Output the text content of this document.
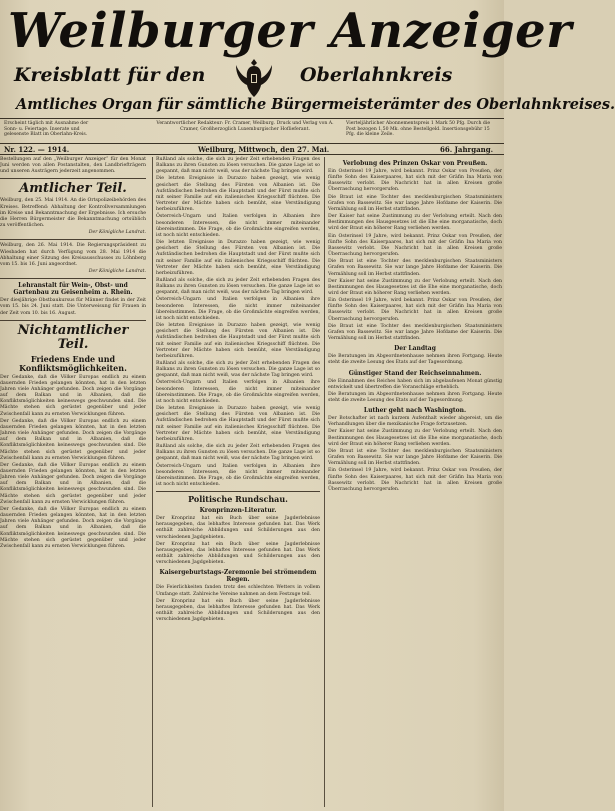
Weilburger Anzeiger
Kreisblatt für den	Oberlahnkreis
Amtliches Organ für sämtliche Bürgermeisterämter des Oberlahnkreises.
Erscheint täglich mit Ausnahme der Sonn- u. Feiertage. Inserate und gelesenste Blatt im Oberlahn-Kreis.
Verantwortlicher Redakteur: Fr. Cramer, Weilburg. Druck und Verlag von A. Cramer, Großherzoglich Luxemburgischer Hoflieferant.
Vierteljährlicher Abonnementspreis 1 Mark 50 Pfg. Durch die Post bezogen 1,50 Mk. ohne Bestellgeld. Insertionsgebühr 15 Pfg. die kleine Zeile.
Nr. 122. — 1914.	Weilburg, Mittwoch, den 27. Mai.	66. Jahrgang.

Bestellungen auf den „Weilburger Anzeiger“ für den Monat Juni werden von allen Postanstalten, den Landbriefträgern und unseren Austrägern jederzeit angenommen.

Amtlicher Teil.

Weilburg, den 25. Mai 1914. An die Ortspolizeibehörden des Kreises. Betreffend: Abhaltung der Kontrollversammlungen im Kreise und Bekanntmachung der Ergebnisse. Ich ersuche die Herren Bürgermeister die Bekanntmachung ortsüblich zu veröffentlichen.

Der Königliche Landrat.

Weilburg, den 26. Mai 1914. Die Regierungspräsident zu Wiesbaden hat durch Verfügung vom 28. Mai 1914 die Abhaltung einer Sitzung des Kreisausschusses zu Löhnberg vom 15. bis 16. Juni angeordnet.

Der Königliche Landrat.

Lehranstalt für Wein-, Obst- und Gartenbau zu Geisenheim a. Rhein.

Der diesjährige Obstbaukursus für Männer findet in der Zeit vom 15. bis 24. Juni statt. Die Unterweisung für Frauen in der Zeit vom 10. bis 16. August.

Nichtamtlicher Teil.
Friedens Ende und Konfliktsmöglichkeiten.

Der Gedanke, daß die Völker Europas endlich zu einem dauernden Frieden gelangen könnten, hat in den letzten Jahren viele Anhänger gefunden. Doch zeigen die Vorgänge auf dem Balkan und in Albanien, daß die Konfliktsmöglichkeiten keineswegs geschwunden sind. Die Mächte stehen sich gerüstet gegenüber und jeder Zwischenfall kann zu ernsten Verwicklungen führen.

Der Gedanke, daß die Völker Europas endlich zu einem dauernden Frieden gelangen könnten, hat in den letzten Jahren viele Anhänger gefunden. Doch zeigen die Vorgänge auf dem Balkan und in Albanien, daß die Konfliktsmöglichkeiten keineswegs geschwunden sind. Die Mächte stehen sich gerüstet gegenüber und jeder Zwischenfall kann zu ernsten Verwicklungen führen.

Der Gedanke, daß die Völker Europas endlich zu einem dauernden Frieden gelangen könnten, hat in den letzten Jahren viele Anhänger gefunden. Doch zeigen die Vorgänge auf dem Balkan und in Albanien, daß die Konfliktsmöglichkeiten keineswegs geschwunden sind. Die Mächte stehen sich gerüstet gegenüber und jeder Zwischenfall kann zu ernsten Verwicklungen führen.

Der Gedanke, daß die Völker Europas endlich zu einem dauernden Frieden gelangen könnten, hat in den letzten Jahren viele Anhänger gefunden. Doch zeigen die Vorgänge auf dem Balkan und in Albanien, daß die Konfliktsmöglichkeiten keineswegs geschwunden sind. Die Mächte stehen sich gerüstet gegenüber und jeder Zwischenfall kann zu ernsten Verwicklungen führen.

Rußland als solche, die sich zu jeder Zeit erhebenden Fragen des Balkans zu ihren Gunsten zu lösen versuchen. Die ganze Lage ist so gespannt, daß man nicht weiß, was der nächste Tag bringen wird.

Die letzten Ereignisse in Durazzo haben gezeigt, wie wenig gesichert die Stellung des Fürsten von Albanien ist. Die Aufständischen bedrohen die Hauptstadt und der Fürst mußte sich mit seiner Familie auf ein italienisches Kriegsschiff flüchten. Die Vertreter der Mächte haben sich bemüht, eine Verständigung herbeizuführen.

Österreich-Ungarn und Italien verfolgen in Albanien ihre besonderen Interessen, die nicht immer miteinander übereinstimmen. Die Frage, ob die Großmächte eingreifen werden, ist noch nicht entschieden.

Die letzten Ereignisse in Durazzo haben gezeigt, wie wenig gesichert die Stellung des Fürsten von Albanien ist. Die Aufständischen bedrohen die Hauptstadt und der Fürst mußte sich mit seiner Familie auf ein italienisches Kriegsschiff flüchten. Die Vertreter der Mächte haben sich bemüht, eine Verständigung herbeizuführen.

Rußland als solche, die sich zu jeder Zeit erhebenden Fragen des Balkans zu ihren Gunsten zu lösen versuchen. Die ganze Lage ist so gespannt, daß man nicht weiß, was der nächste Tag bringen wird.

Österreich-Ungarn und Italien verfolgen in Albanien ihre besonderen Interessen, die nicht immer miteinander übereinstimmen. Die Frage, ob die Großmächte eingreifen werden, ist noch nicht entschieden.

Die letzten Ereignisse in Durazzo haben gezeigt, wie wenig gesichert die Stellung des Fürsten von Albanien ist. Die Aufständischen bedrohen die Hauptstadt und der Fürst mußte sich mit seiner Familie auf ein italienisches Kriegsschiff flüchten. Die Vertreter der Mächte haben sich bemüht, eine Verständigung herbeizuführen.

Rußland als solche, die sich zu jeder Zeit erhebenden Fragen des Balkans zu ihren Gunsten zu lösen versuchen. Die ganze Lage ist so gespannt, daß man nicht weiß, was der nächste Tag bringen wird.

Österreich-Ungarn und Italien verfolgen in Albanien ihre besonderen Interessen, die nicht immer miteinander übereinstimmen. Die Frage, ob die Großmächte eingreifen werden, ist noch nicht entschieden.

Die letzten Ereignisse in Durazzo haben gezeigt, wie wenig gesichert die Stellung des Fürsten von Albanien ist. Die Aufständischen bedrohen die Hauptstadt und der Fürst mußte sich mit seiner Familie auf ein italienisches Kriegsschiff flüchten. Die Vertreter der Mächte haben sich bemüht, eine Verständigung herbeizuführen.

Rußland als solche, die sich zu jeder Zeit erhebenden Fragen des Balkans zu ihren Gunsten zu lösen versuchen. Die ganze Lage ist so gespannt, daß man nicht weiß, was der nächste Tag bringen wird.

Österreich-Ungarn und Italien verfolgen in Albanien ihre besonderen Interessen, die nicht immer miteinander übereinstimmen. Die Frage, ob die Großmächte eingreifen werden, ist noch nicht entschieden.

Politische Rundschau.
Kronprinzen-Literatur.

Der Kronprinz hat ein Buch über seine Jagderlebnisse herausgegeben, das lebhaftes Interesse gefunden hat. Das Werk enthält zahlreiche Abbildungen und Schilderungen aus den verschiedenen Jagdgebieten.

Der Kronprinz hat ein Buch über seine Jagderlebnisse herausgegeben, das lebhaftes Interesse gefunden hat. Das Werk enthält zahlreiche Abbildungen und Schilderungen aus den verschiedenen Jagdgebieten.

Kaisergeburtstags-Zeremonie bei strömendem Regen.

Die Feierlichkeiten fanden trotz des schlechten Wetters in vollem Umfange statt. Zahlreiche Vereine nahmen an dem Festzuge teil.

Der Kronprinz hat ein Buch über seine Jagderlebnisse herausgegeben, das lebhaftes Interesse gefunden hat. Das Werk enthält zahlreiche Abbildungen und Schilderungen aus den verschiedenen Jagdgebieten.

Verlobung des Prinzen Oskar von Preußen.

Ein Osterinsel 19 Jahre, wird bekannt. Prinz Oskar von Preußen, der fünfte Sohn des Kaiserpaares, hat sich mit der Gräfin Ina Maria von Bassewitz verlobt. Die Nachricht hat in allen Kreisen große Überraschung hervorgerufen.

Die Braut ist eine Tochter des mecklenburgischen Staatsministers Grafen von Bassewitz. Sie war lange Jahre Hofdame der Kaiserin. Die Vermählung soll im Herbst stattfinden.

Der Kaiser hat seine Zustimmung zu der Verlobung erteilt. Nach den Bestimmungen des Hausgesetzes ist die Ehe eine morganatische, doch wird der Braut ein höherer Rang verliehen werden.

Ein Osterinsel 19 Jahre, wird bekannt. Prinz Oskar von Preußen, der fünfte Sohn des Kaiserpaares, hat sich mit der Gräfin Ina Maria von Bassewitz verlobt. Die Nachricht hat in allen Kreisen große Überraschung hervorgerufen.

Die Braut ist eine Tochter des mecklenburgischen Staatsministers Grafen von Bassewitz. Sie war lange Jahre Hofdame der Kaiserin. Die Vermählung soll im Herbst stattfinden.

Der Kaiser hat seine Zustimmung zu der Verlobung erteilt. Nach den Bestimmungen des Hausgesetzes ist die Ehe eine morganatische, doch wird der Braut ein höherer Rang verliehen werden.

Ein Osterinsel 19 Jahre, wird bekannt. Prinz Oskar von Preußen, der fünfte Sohn des Kaiserpaares, hat sich mit der Gräfin Ina Maria von Bassewitz verlobt. Die Nachricht hat in allen Kreisen große Überraschung hervorgerufen.

Die Braut ist eine Tochter des mecklenburgischen Staatsministers Grafen von Bassewitz. Sie war lange Jahre Hofdame der Kaiserin. Die Vermählung soll im Herbst stattfinden.

Der Landtag

Die Beratungen im Abgeordnetenhause nehmen ihren Fortgang. Heute steht die zweite Lesung des Etats auf der Tagesordnung.

Günstiger Stand der Reichseinnahmen.

Die Einnahmen des Reiches haben sich im abgelaufenen Monat günstig entwickelt und übertreffen die Voranschläge erheblich.

Die Beratungen im Abgeordnetenhause nehmen ihren Fortgang. Heute steht die zweite Lesung des Etats auf der Tagesordnung.

Luther geht nach Washington.

Der Botschafter ist nach kurzem Aufenthalt wieder abgereist, um die Verhandlungen über die mexikanische Frage fortzusetzen.

Der Kaiser hat seine Zustimmung zu der Verlobung erteilt. Nach den Bestimmungen des Hausgesetzes ist die Ehe eine morganatische, doch wird der Braut ein höherer Rang verliehen werden.

Die Braut ist eine Tochter des mecklenburgischen Staatsministers Grafen von Bassewitz. Sie war lange Jahre Hofdame der Kaiserin. Die Vermählung soll im Herbst stattfinden.

Ein Osterinsel 19 Jahre, wird bekannt. Prinz Oskar von Preußen, der fünfte Sohn des Kaiserpaares, hat sich mit der Gräfin Ina Maria von Bassewitz verlobt. Die Nachricht hat in allen Kreisen große Überraschung hervorgerufen.
